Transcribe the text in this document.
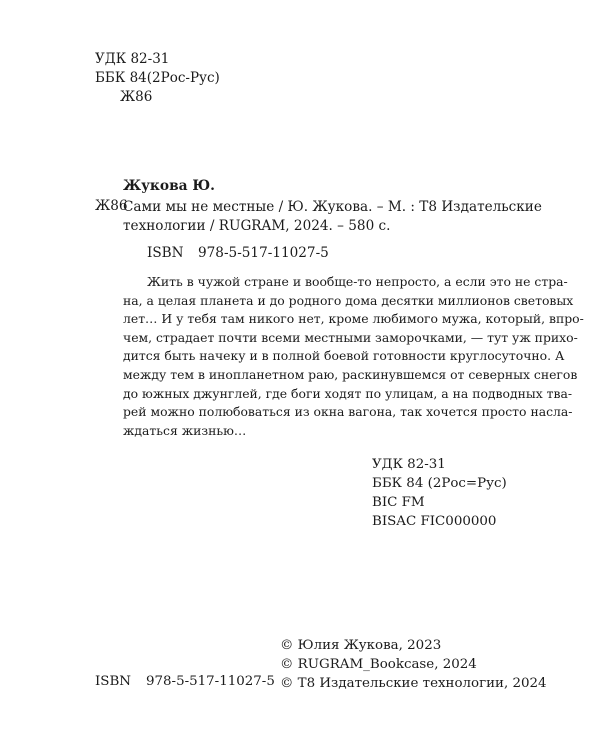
УДК 82-31
ББК 84(2Рос-Рус)
Ж86
Жукова Ю.
Ж86
Сами мы не местные / Ю. Жукова. – М. : Т8 Издательские
технологии / RUGRAM, 2024. – 580 с.
ISBN 978-5-517-11027-5
Жить в чужой стране и вообще-то непросто, а если это не стра-
на, а целая планета и до родного дома десятки миллионов световых
лет… И у тебя там никого нет, кроме любимого мужа, который, впро-
чем, страдает почти всеми местными заморочками, — тут уж прихо-
дится быть начеку и в полной боевой готовности круглосуточно. А
между тем в инопланетном раю, раскинувшемся от северных снегов
до южных джунглей, где боги ходят по улицам, а на подводных тва-
рей можно полюбоваться из окна вагона, так хочется просто насла-
ждаться жизнью…
УДК 82-31
ББК 84 (2Рос=Рус)
BIC FM
BISAC FIC000000
© Юлия Жукова, 2023
© RUGRAM_Bookcase, 2024
© Т8 Издательские технологии, 2024
ISBN 978-5-517-11027-5
